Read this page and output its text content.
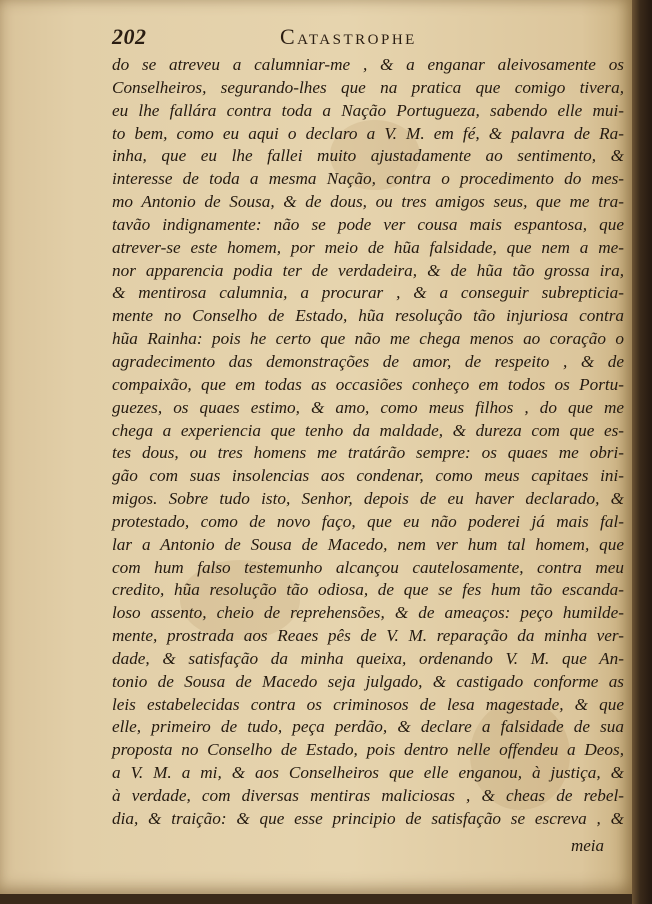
202	Catastrophe
do se atreveu a calumniar-me , & a enganar aleivosamente os
Conselheiros, segurando-lhes que na pratica que comigo tivera,
eu lhe fallára contra toda a Nação Portugueza, sabendo elle mui-
to bem, como eu aqui o declaro a V. M. em fé, & palavra de Ra-
inha, que eu lhe fallei muito ajustadamente ao sentimento, &
interesse de toda a mesma Nação, contra o procedimento do mes-
mo Antonio de Sousa, & de dous, ou tres amigos seus, que me tra-
tavão indignamente: não se pode ver cousa mais espantosa, que
atrever-se este homem, por meio de hũa falsidade, que nem a me-
nor apparencia podia ter de verdadeira, & de hũa tão grossa ira,
& mentirosa calumnia, a procurar , & a conseguir subrepticia-
mente no Conselho de Estado, hũa resolução tão injuriosa contra
hũa Rainha: pois he certo que não me chega menos ao coração o
agradecimento das demonstrações de amor, de respeito , & de
compaixão, que em todas as occasiões conheço em todos os Portu-
guezes, os quaes estimo, & amo, como meus filhos , do que me
chega a experiencia que tenho da maldade, & dureza com que es-
tes dous, ou tres homens me tratárão sempre: os quaes me obri-
gão com suas insolencias aos condenar, como meus capitaes ini-
migos. Sobre tudo isto, Senhor, depois de eu haver declarado, &
protestado, como de novo faço, que eu não poderei já mais fal-
lar a Antonio de Sousa de Macedo, nem ver hum tal homem, que
com hum falso testemunho alcançou cautelosamente, contra meu
credito, hũa resolução tão odiosa, de que se fes hum tão escanda-
loso assento, cheio de reprehensões, & de ameaços: peço humilde-
mente, prostrada aos Reaes pês de V. M. reparação da minha ver-
dade, & satisfação da minha queixa, ordenando V. M. que An-
tonio de Sousa de Macedo seja julgado, & castigado conforme as
leis estabelecidas contra os criminosos de lesa magestade, & que
elle, primeiro de tudo, peça perdão, & declare a falsidade de sua
proposta no Conselho de Estado, pois dentro nelle offendeu a Deos,
a V. M. a mi, & aos Conselheiros que elle enganou, à justiça, &
à verdade, com diversas mentiras maliciosas , & cheas de rebel-
dia, & traição: & que esse principio de satisfação se escreva , &
meia
